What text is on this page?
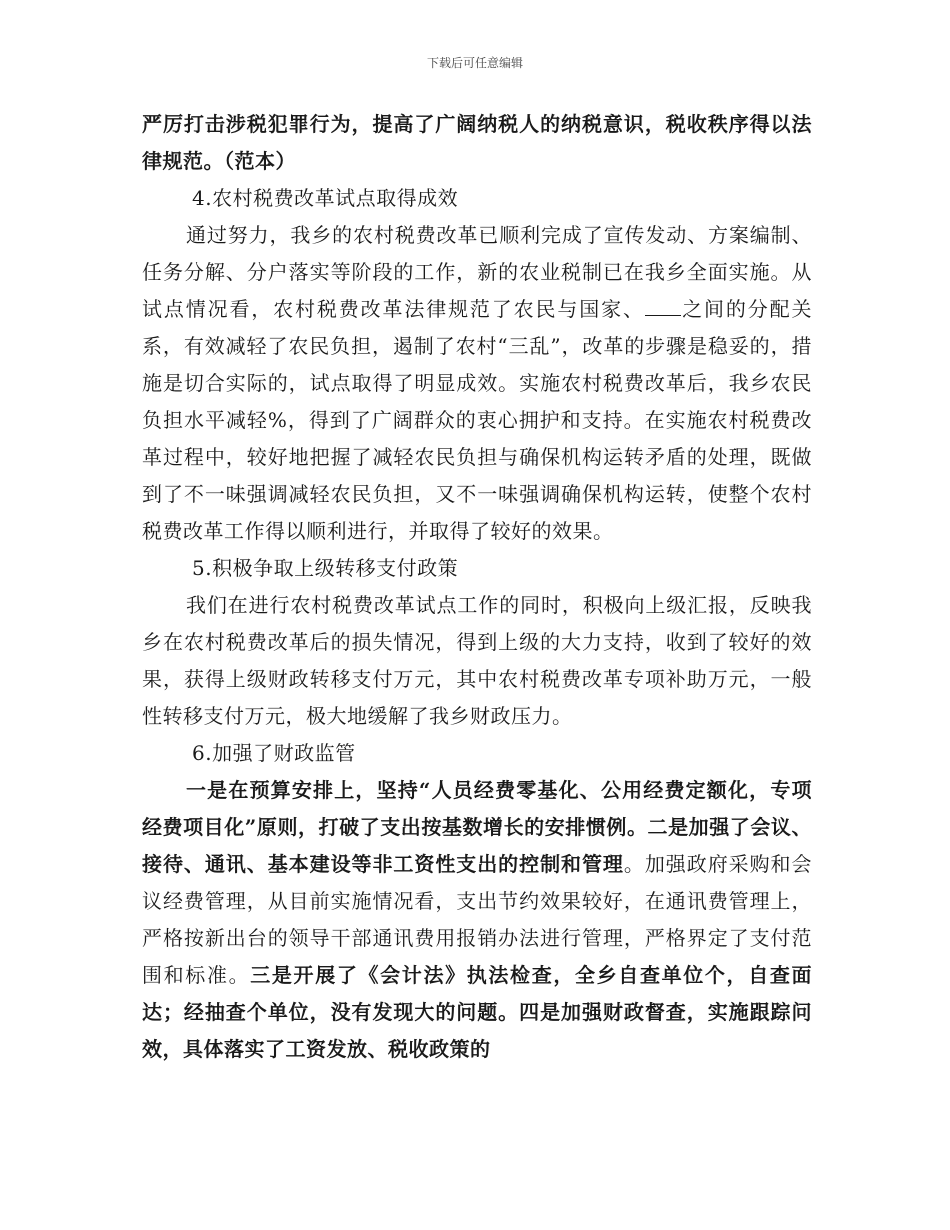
下载后可任意编辑

严厉打击涉税犯罪行为，提高了广阔纳税人的纳税意识，税收秩序得以法律规范。（范本）

4.农村税费改革试点取得成效

通过努力，我乡的农村税费改革已顺利完成了宣传发动、方案编制、任务分解、分户落实等阶段的工作，新的农业税制已在我乡全面实施。从试点情况看，农村税费改革法律规范了农民与国家、 之间的分配关系，有效减轻了农民负担，遏制了农村“三乱”，改革的步骤是稳妥的，措施是切合实际的，试点取得了明显成效。实施农村税费改革后，我乡农民负担水平减轻%，得到了广阔群众的衷心拥护和支持。在实施农村税费改革过程中，较好地把握了减轻农民负担与确保机构运转矛盾的处理，既做到了不一味强调减轻农民负担，又不一味强调确保机构运转，使整个农村税费改革工作得以顺利进行，并取得了较好的效果。

5.积极争取上级转移支付政策

我们在进行农村税费改革试点工作的同时，积极向上级汇报，反映我乡在农村税费改革后的损失情况，得到上级的大力支持，收到了较好的效果，获得上级财政转移支付万元，其中农村税费改革专项补助万元，一般性转移支付万元，极大地缓解了我乡财政压力。

6.加强了财政监管

一是在预算安排上，坚持“人员经费零基化、公用经费定额化，专项经费项目化”原则，打破了支出按基数增长的安排惯例。二是加强了会议、接待、通讯、基本建设等非工资性支出的控制和管理。加强政府采购和会议经费管理，从目前实施情况看，支出节约效果较好，在通讯费管理上，严格按新出台的领导干部通讯费用报销办法进行管理，严格界定了支付范围和标准。三是开展了《会计法》执法检查，全乡自查单位个，自查面达；经抽查个单位，没有发现大的问题。四是加强财政督查，实施跟踪问效，具体落实了工资发放、税收政策的
